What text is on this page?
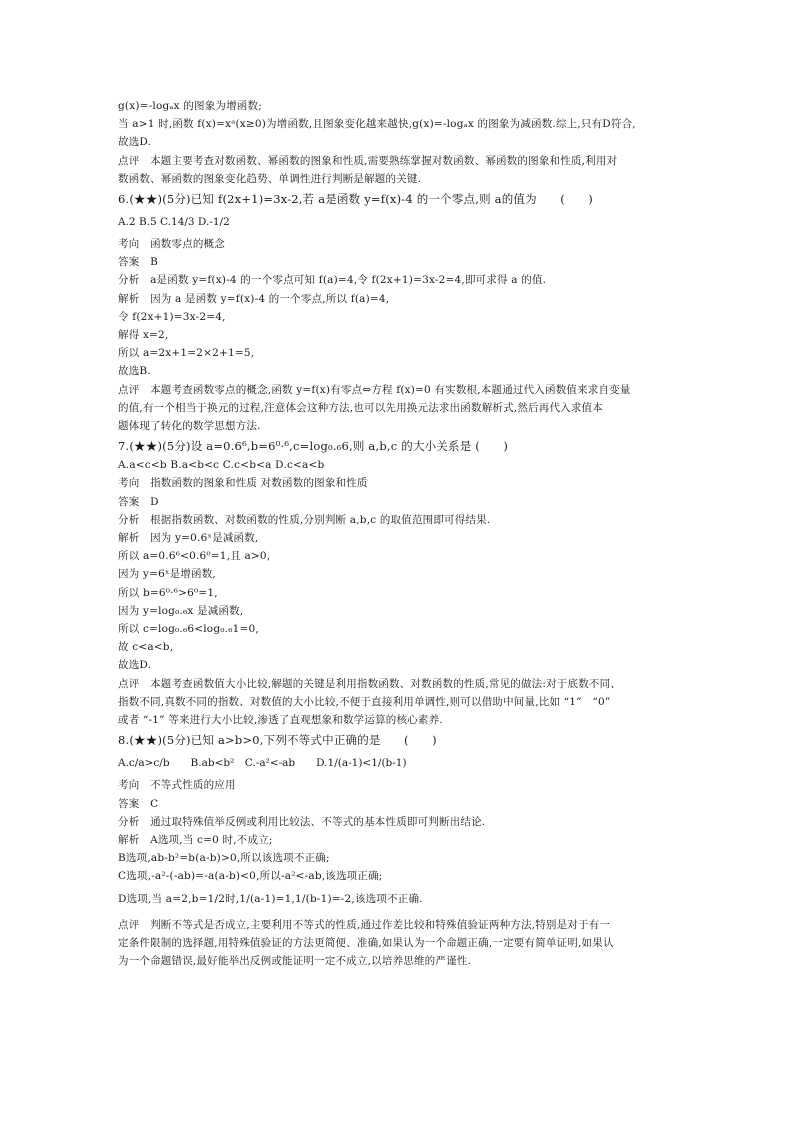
g(x)=-logₐx 的图象为增函数;
当 a>1 时,函数 f(x)=xᵃ(x≥0)为增函数,且图象变化越来越快,g(x)=-logₐx 的图象为减函数.综上,只有D符合,
故选D.
点评　本题主要考查对数函数、幂函数的图象和性质,需要熟练掌握对数函数、幂函数的图象和性质,利用对
数函数、幂函数的图象变化趋势、单调性进行判断是解题的关键.
6.(★★)(5分)已知 f(2x+1)=3x-2,若 a是函数 y=f(x)-4 的一个零点,则 a的值为　　(　　)
A.2 B.5 C.14/3 D.-1/2
考向　函数零点的概念
答案　B
分析　a是函数 y=f(x)-4 的一个零点可知 f(a)=4,令 f(2x+1)=3x-2=4,即可求得 a 的值.
解析　因为 a 是函数 y=f(x)-4 的一个零点,所以 f(a)=4,
令 f(2x+1)=3x-2=4,
解得 x=2,
所以 a=2x+1=2×2+1=5,
故选B.
点评　本题考查函数零点的概念,函数 y=f(x)有零点⇔方程 f(x)=0 有实数根,本题通过代入函数值来求自变量
的值,有一个相当于换元的过程,注意体会这种方法,也可以先用换元法求出函数解析式,然后再代入求值本
题体现了转化的数学思想方法.
7.(★★)(5分)设 a=0.6⁶,b=6⁰·⁶,c=log₀.₆6,则 a,b,c 的大小关系是 (　　)
A.a<c<b B.a<b<c C.c<b<a D.c<a<b
考向　指数函数的图象和性质 对数函数的图象和性质
答案　D
分析　根据指数函数、对数函数的性质,分别判断 a,b,c 的取值范围即可得结果.
解析　因为 y=0.6ˣ是减函数,
所以 a=0.6⁶<0.6⁰=1,且 a>0,
因为 y=6ˣ是增函数,
所以 b=6⁰·⁶>6⁰=1,
因为 y=log₀.₆x 是减函数,
所以 c=log₀.₆6<log₀.₆1=0,
故 c<a<b,
故选D.
点评　本题考查函数值大小比较,解题的关键是利用指数函数、对数函数的性质,常见的做法:对于底数不同、
指数不同,真数不同的指数、对数值的大小比较,不便于直接利用单调性,则可以借助中间量,比如 “1”　“0”
或者 “-1” 等来进行大小比较,渗透了直观想象和数学运算的核心素养.
8.(★★)(5分)已知 a>b>0,下列不等式中正确的是　　(　　)
A.c/a>c/b　　B.ab<b²　C.-a²<-ab　　D.1/(a-1)<1/(b-1)
考向　不等式性质的应用
答案　C
分析　通过取特殊值举反例或利用比较法、不等式的基本性质即可判断出结论.
解析　A选项,当 c=0 时,不成立;
B选项,ab-b²=b(a-b)>0,所以该选项不正确;
C选项,-a²-(-ab)=-a(a-b)<0,所以-a²<-ab,该选项正确;
D选项,当 a=2,b=1/2时,1/(a-1)=1,1/(b-1)=-2,该选项不正确.
点评　判断不等式是否成立,主要利用不等式的性质,通过作差比较和特殊值验证两种方法,特别是对于有一
定条件限制的选择题,用特殊值验证的方法更简便、准确,如果认为一个命题正确,一定要有简单证明,如果认
为一个命题错误,最好能举出反例或能证明一定不成立,以培养思维的严谨性.
